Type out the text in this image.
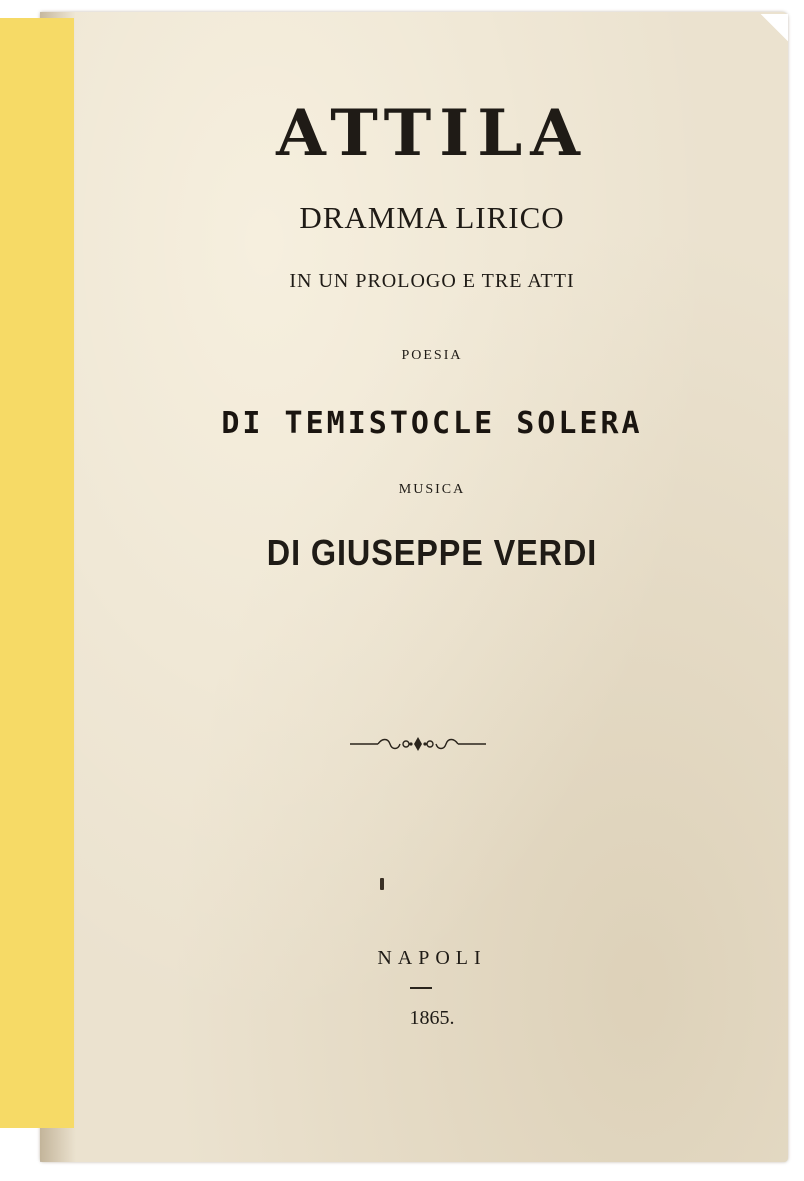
ATTILA
DRAMMA LIRICO
IN UN PROLOGO E TRE ATTI
POESIA
DI TEMISTOCLE SOLERA
MUSICA
DI GIUSEPPE VERDI
NAPOLI
1865.
